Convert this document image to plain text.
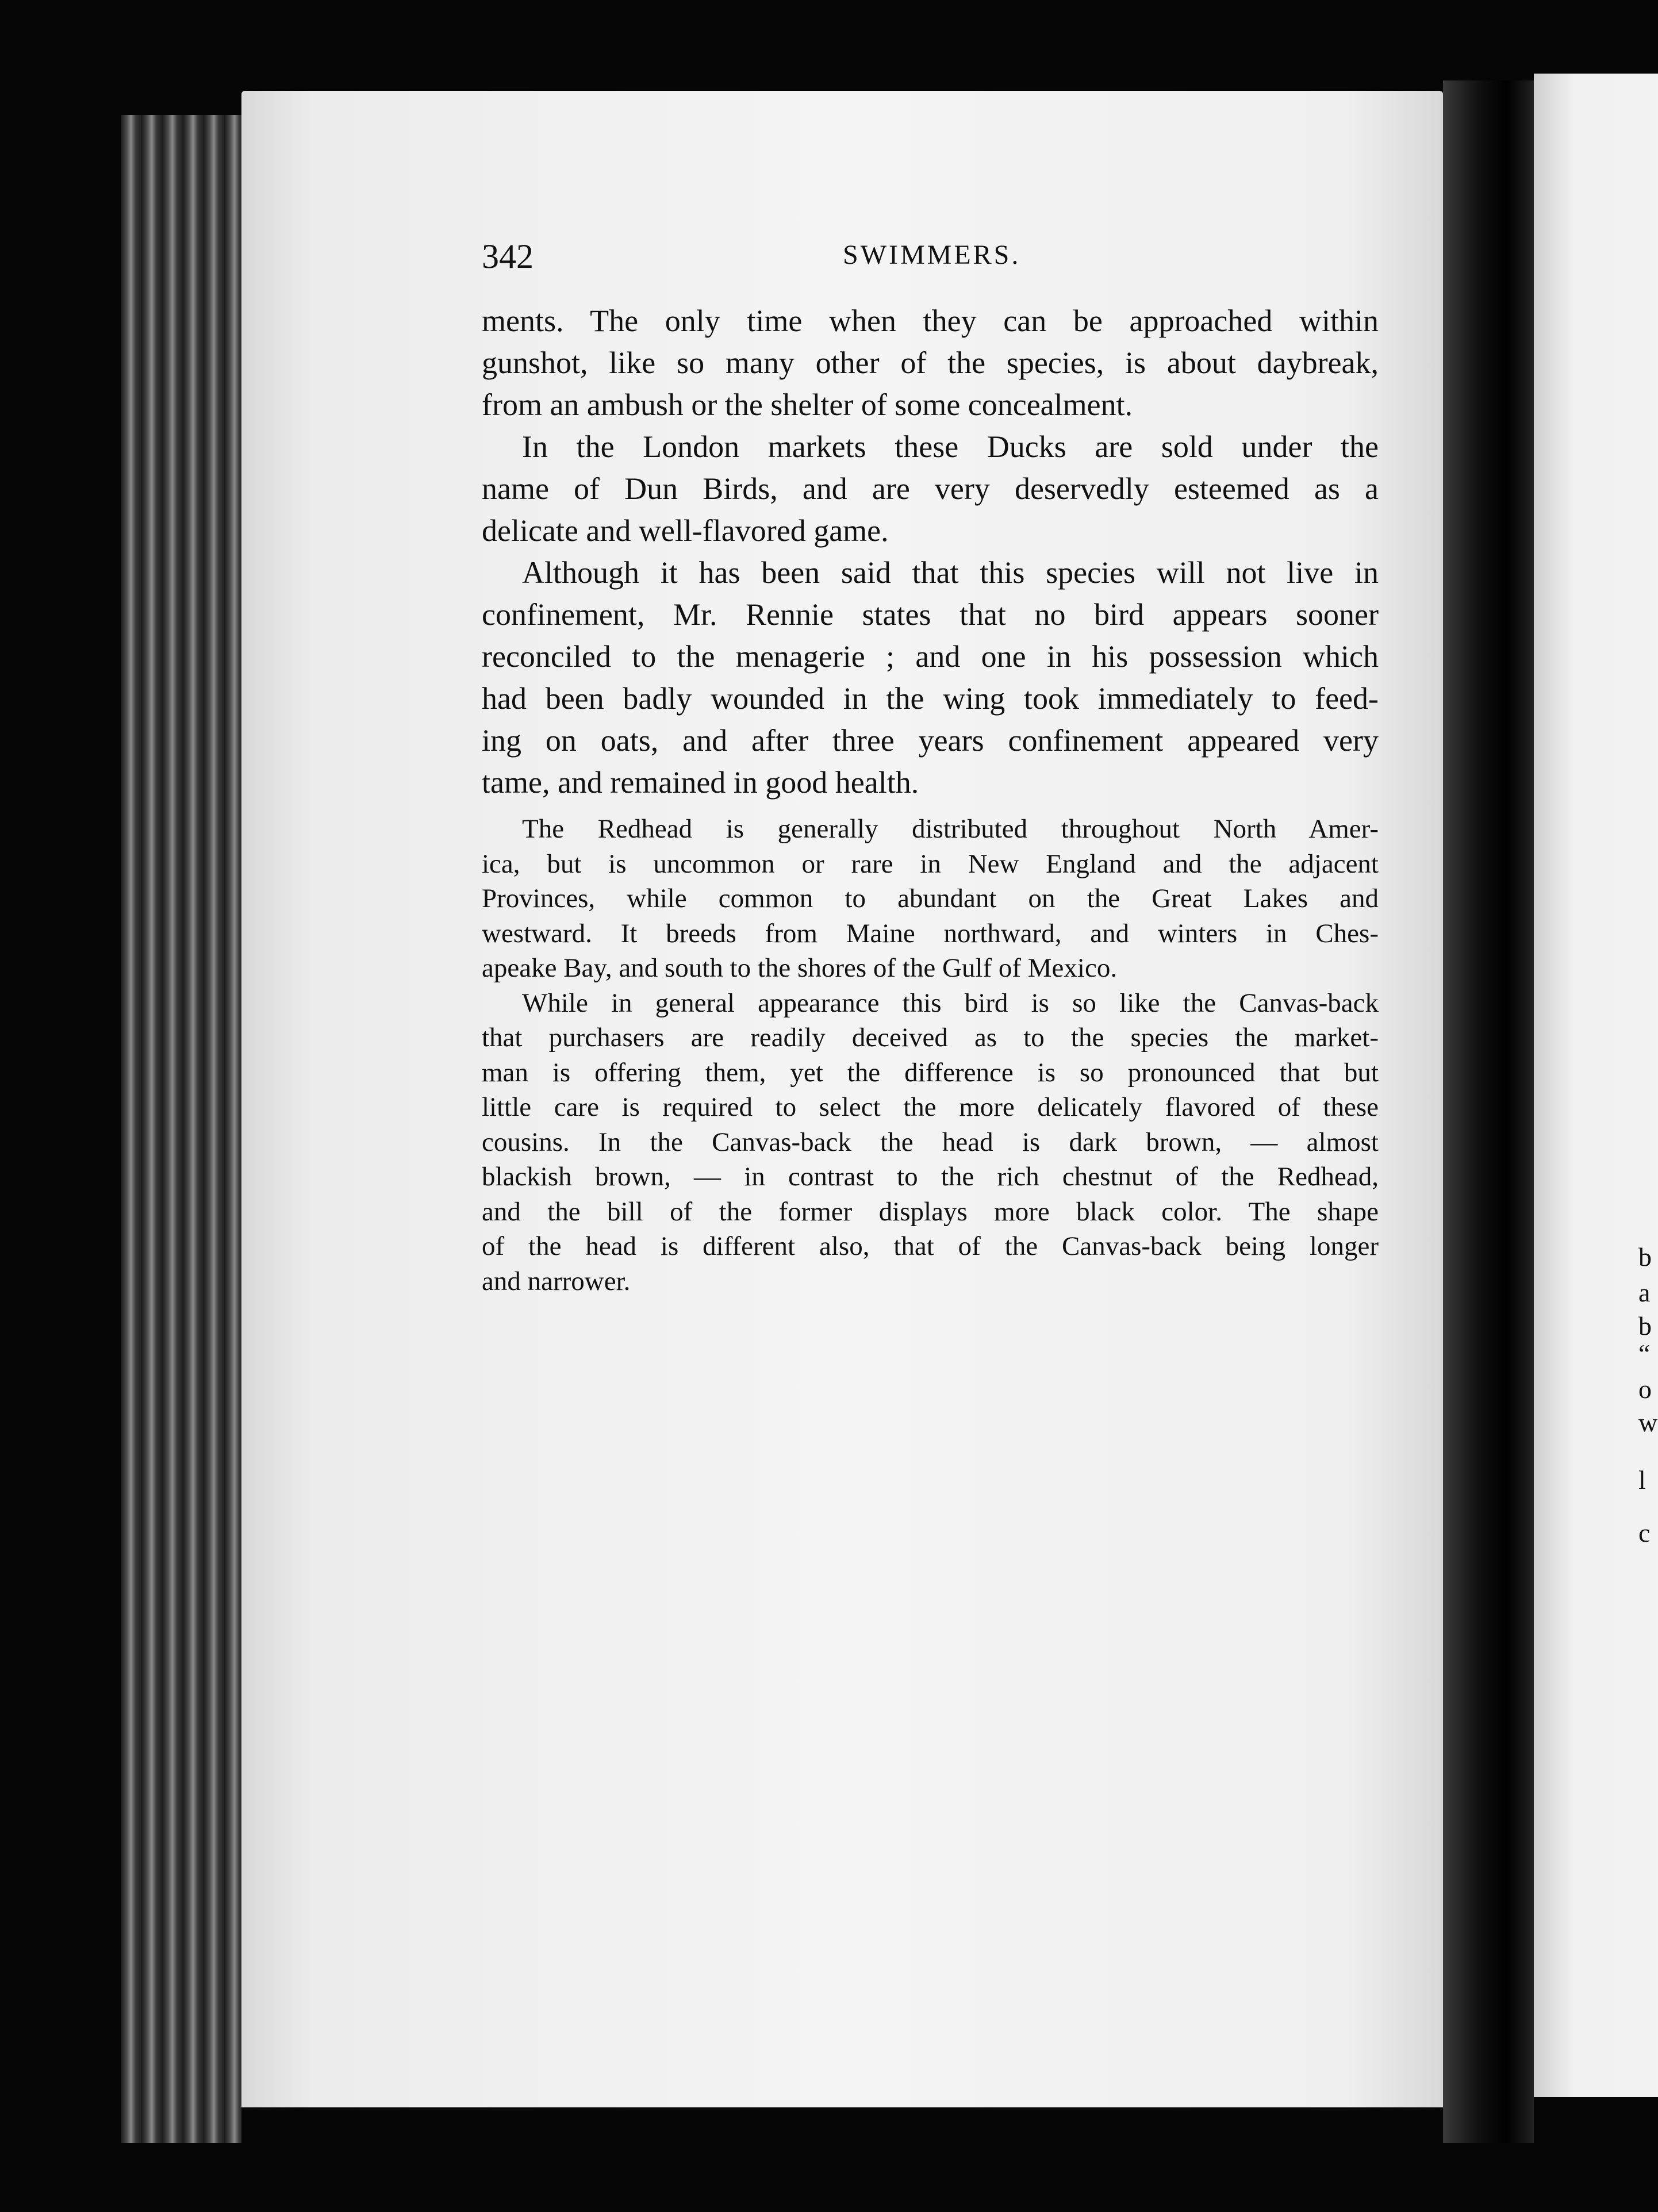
b
a
b
“
o
w
l
c
342	SWIMMERS.
ments. The only time when they can be approached within
gunshot, like so many other of the species, is about daybreak,
from an ambush or the shelter of some concealment.
In the London markets these Ducks are sold under the
name of Dun Birds, and are very deservedly esteemed as a
delicate and well-flavored game.
Although it has been said that this species will not live in
confinement, Mr. Rennie states that no bird appears sooner
reconciled to the menagerie ; and one in his possession which
had been badly wounded in the wing took immediately to feed-
ing on oats, and after three years confinement appeared very
tame, and remained in good health.
The Redhead is generally distributed throughout North Amer-
ica, but is uncommon or rare in New England and the adjacent
Provinces, while common to abundant on the Great Lakes and
westward. It breeds from Maine northward, and winters in Ches-
apeake Bay, and south to the shores of the Gulf of Mexico.
While in general appearance this bird is so like the Canvas-back
that purchasers are readily deceived as to the species the market-
man is offering them, yet the difference is so pronounced that but
little care is required to select the more delicately flavored of these
cousins. In the Canvas-back the head is dark brown, — almost
blackish brown, — in contrast to the rich chestnut of the Redhead,
and the bill of the former displays more black color. The shape
of the head is different also, that of the Canvas-back being longer
and narrower.
